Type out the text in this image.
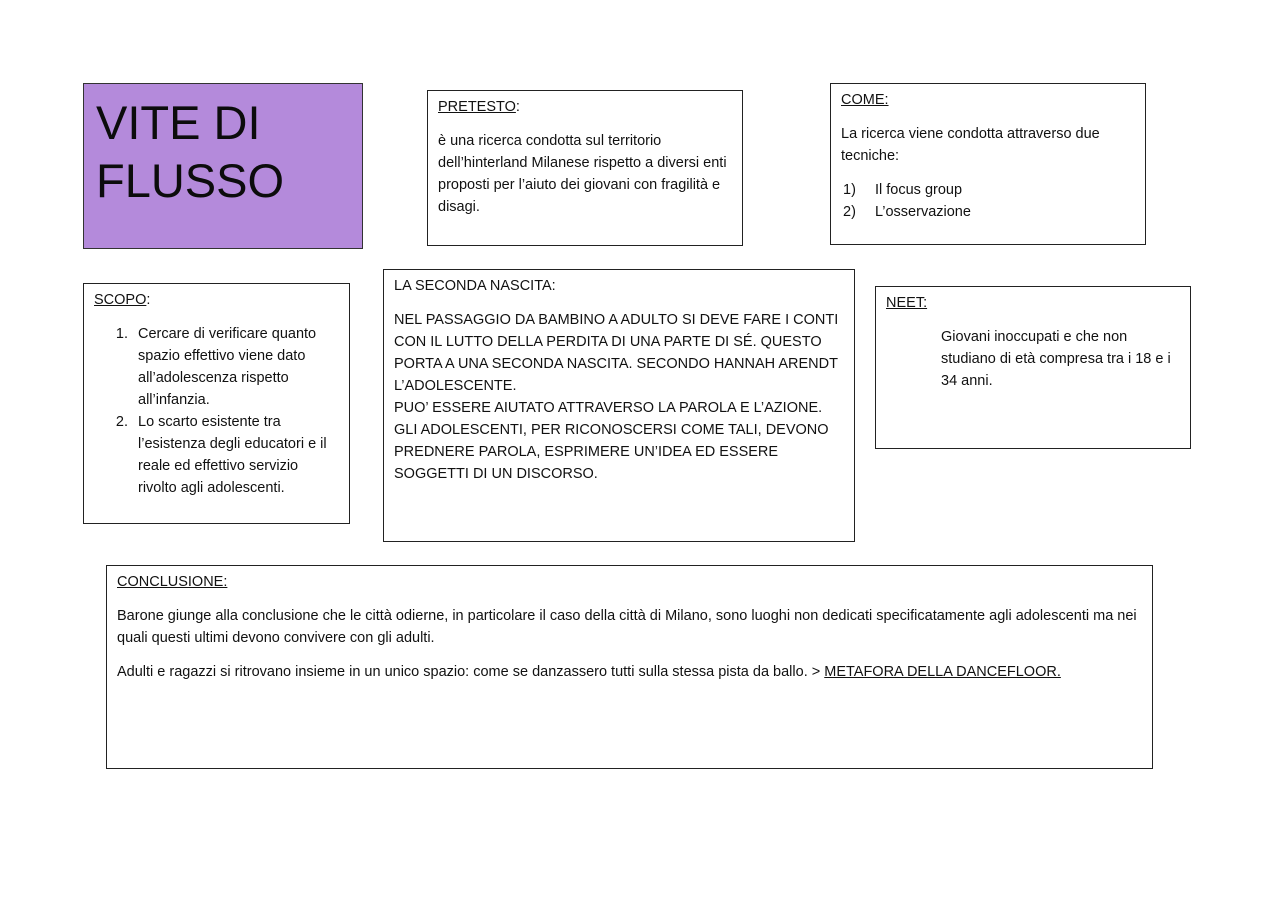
VITE DI
FLUSSO
PRETESTO:

è una ricerca condotta sul territorio dell’hinterland Milanese rispetto a diversi enti proposti per l’aiuto dei giovani con fragilità e disagi.

COME:

La ricerca viene condotta attraverso due tecniche:

1)	Il focus group
2)	L’osservazione
SCOPO:
1. Cercare di verificare quanto spazio effettivo viene dato all’adolescenza rispetto all’infanzia.
2. Lo scarto esistente tra l’esistenza degli educatori e il reale ed effettivo servizio rivolto agli adolescenti.
LA SECONDA NASCITA:
NEL PASSAGGIO DA BAMBINO A ADULTO SI DEVE FARE I CONTI CON IL LUTTO DELLA PERDITA DI UNA PARTE DI SÉ. QUESTO PORTA A UNA SECONDA NASCITA. SECONDO HANNAH ARENDT L’ADOLESCENTE.
PUO’ ESSERE AIUTATO ATTRAVERSO LA PAROLA E L’AZIONE.
GLI ADOLESCENTI, PER RICONOSCERSI COME TALI, DEVONO PREDNERE PAROLA, ESPRIMERE UN’IDEA ED ESSERE SOGGETTI DI UN DISCORSO.
NEET:
Giovani inoccupati e che non studiano di età compresa tra i 18 e i 34 anni.
CONCLUSIONE:

Barone giunge alla conclusione che le città odierne, in particolare il caso della città di Milano, sono luoghi non dedicati specificatamente agli adolescenti ma nei quali questi ultimi devono convivere con gli adulti.

Adulti e ragazzi si ritrovano insieme in un unico spazio: come se danzassero tutti sulla stessa pista da ballo. > METAFORA DELLA DANCEFLOOR.
